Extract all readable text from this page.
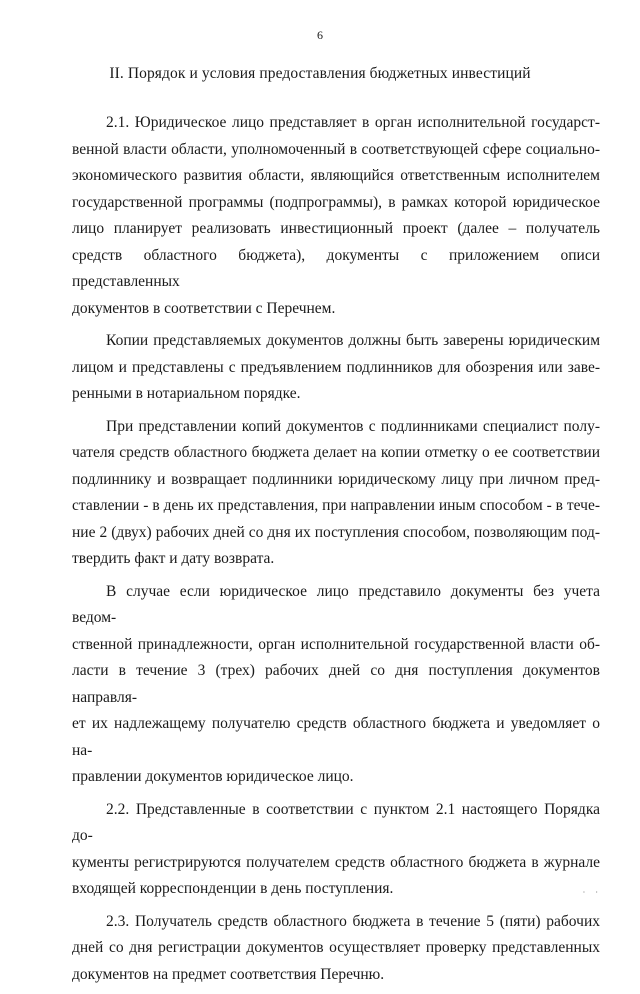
6
II. Порядок и условия предоставления бюджетных инвестиций
2.1. Юридическое лицо представляет в орган исполнительной государст-
венной власти области, уполномоченный в соответствующей сфере социально-
экономического развития области, являющийся ответственным исполнителем
государственной программы (подпрограммы), в рамках которой юридическое
лицо планирует реализовать инвестиционный проект (далее – получатель
средств областного бюджета), документы с приложением описи представленных
документов в соответствии с Перечнем.
Копии представляемых документов должны быть заверены юридическим
лицом и представлены с предъявлением подлинников для обозрения или заве-
ренными в нотариальном порядке.
При представлении копий документов с подлинниками специалист полу-
чателя средств областного бюджета делает на копии отметку о ее соответствии
подлиннику и возвращает подлинники юридическому лицу при личном пред-
ставлении - в день их представления, при направлении иным способом - в тече-
ние 2 (двух) рабочих дней со дня их поступления способом, позволяющим под-
твердить факт и дату возврата.
В случае если юридическое лицо представило документы без учета ведом-
ственной принадлежности, орган исполнительной государственной власти об-
ласти в течение 3 (трех) рабочих дней со дня поступления документов направля-
ет их надлежащему получателю средств областного бюджета и уведомляет о на-
правлении документов юридическое лицо.
2.2. Представленные в соответствии с пунктом 2.1 настоящего Порядка до-
кументы регистрируются получателем средств областного бюджета в журнале
входящей корреспонденции в день поступления.
2.3. Получатель средств областного бюджета в течение 5 (пяти) рабочих
дней со дня регистрации документов осуществляет проверку представленных
документов на предмет соответствия Перечню.
· ·
